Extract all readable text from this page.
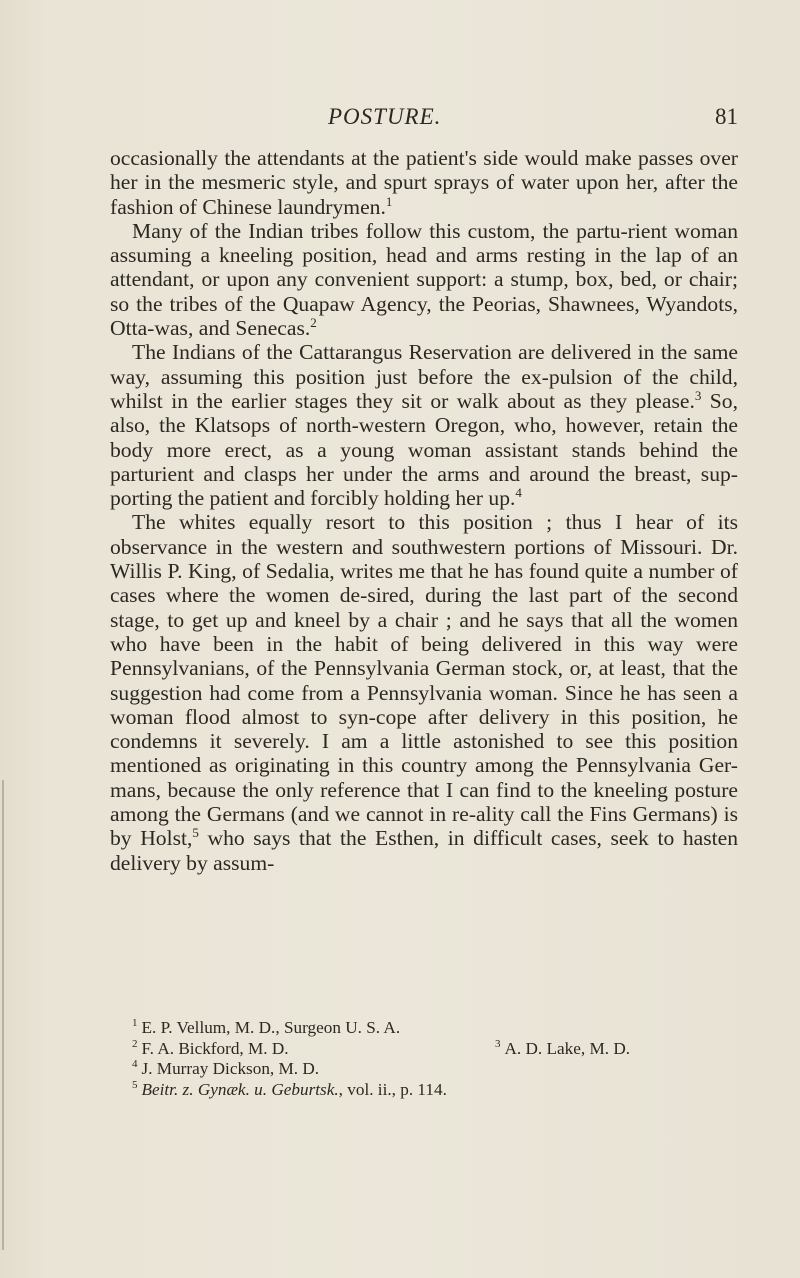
POSTURE.	81

occasionally the attendants at the patient's side would make passes over her in the mesmeric style, and spurt sprays of water upon her, after the fashion of Chinese laundrymen.$^1$

Many of the Indian tribes follow this custom, the partu-rient woman assuming a kneeling position, head and arms resting in the lap of an attendant, or upon any convenient support: a stump, box, bed, or chair; so the tribes of the Quapaw Agency, the Peorias, Shawnees, Wyandots, Otta-was, and Senecas.$^2$

The Indians of the Cattarangus Reservation are delivered in the same way, assuming this position just before the ex-pulsion of the child, whilst in the earlier stages they sit or walk about as they please.$^3$ So, also, the Klatsops of north-western Oregon, who, however, retain the body more erect, as a young woman assistant stands behind the parturient and clasps her under the arms and around the breast, sup-porting the patient and forcibly holding her up.$^4$

The whites equally resort to this position ; thus I hear of its observance in the western and southwestern portions of Missouri. Dr. Willis P. King, of Sedalia, writes me that he has found quite a number of cases where the women de-sired, during the last part of the second stage, to get up and kneel by a chair ; and he says that all the women who have been in the habit of being delivered in this way were Pennsylvanians, of the Pennsylvania German stock, or, at least, that the suggestion had come from a Pennsylvania woman. Since he has seen a woman flood almost to syn-cope after delivery in this position, he condemns it severely. I am a little astonished to see this position mentioned as originating in this country among the Pennsylvania Ger-mans, because the only reference that I can find to the kneeling posture among the Germans (and we cannot in re-ality call the Fins Germans) is by Holst,$^5$ who says that the Esthen, in difficult cases, seek to hasten delivery by assum-

$^1$ E. P. Vellum, M. D., Surgeon U. S. A.
$^2$ F. A. Bickford, M. D.	$^3$ A. D. Lake, M. D.
$^4$ J. Murray Dickson, M. D.
$^5$ Beitr. z. Gynæk. u. Geburtsk., vol. ii., p. 114.
